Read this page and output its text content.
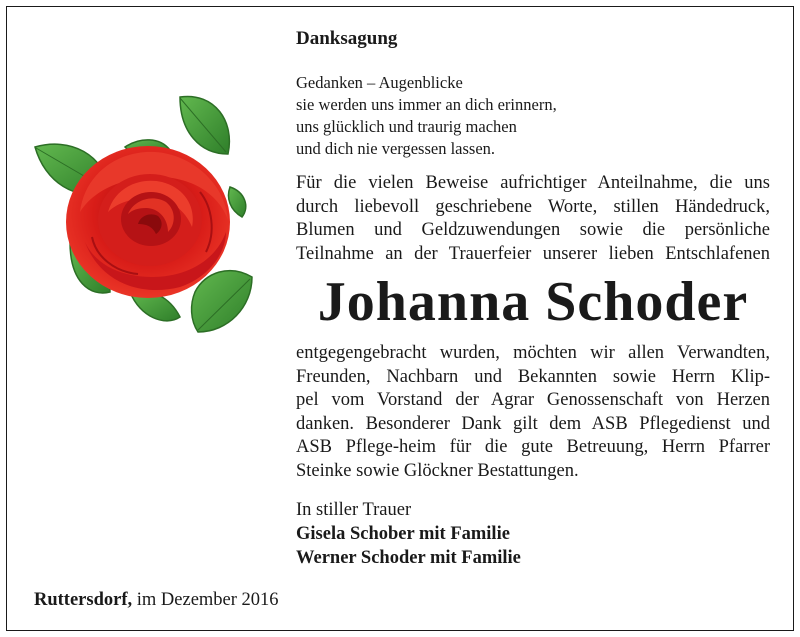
Danksagung
Gedanken – Augenblicke
sie werden uns immer an dich erinnern,
uns glücklich und traurig machen
und dich nie vergessen lassen.
Für die vielen Beweise aufrichtiger Anteilnahme, die uns
durch liebevoll geschriebene Worte, stillen Händedruck,
Blumen und Geldzuwendungen sowie die persönliche
Teilnahme an der Trauerfeier unserer lieben Entschlafenen
Johanna Schoder
entgegengebracht wurden, möchten wir allen Verwandten,
Freunden, Nachbarn und Bekannten sowie Herrn Klip-
pel vom Vorstand der Agrar Genossenschaft von Herzen
danken. Besonderer Dank gilt dem ASB Pflegedienst und
ASB Pflege-heim für die gute Betreuung, Herrn Pfarrer
Steinke sowie Glöckner Bestattungen.
In stiller Trauer
Gisela Schober mit Familie
Werner Schoder mit Familie
Ruttersdorf, im Dezember 2016
